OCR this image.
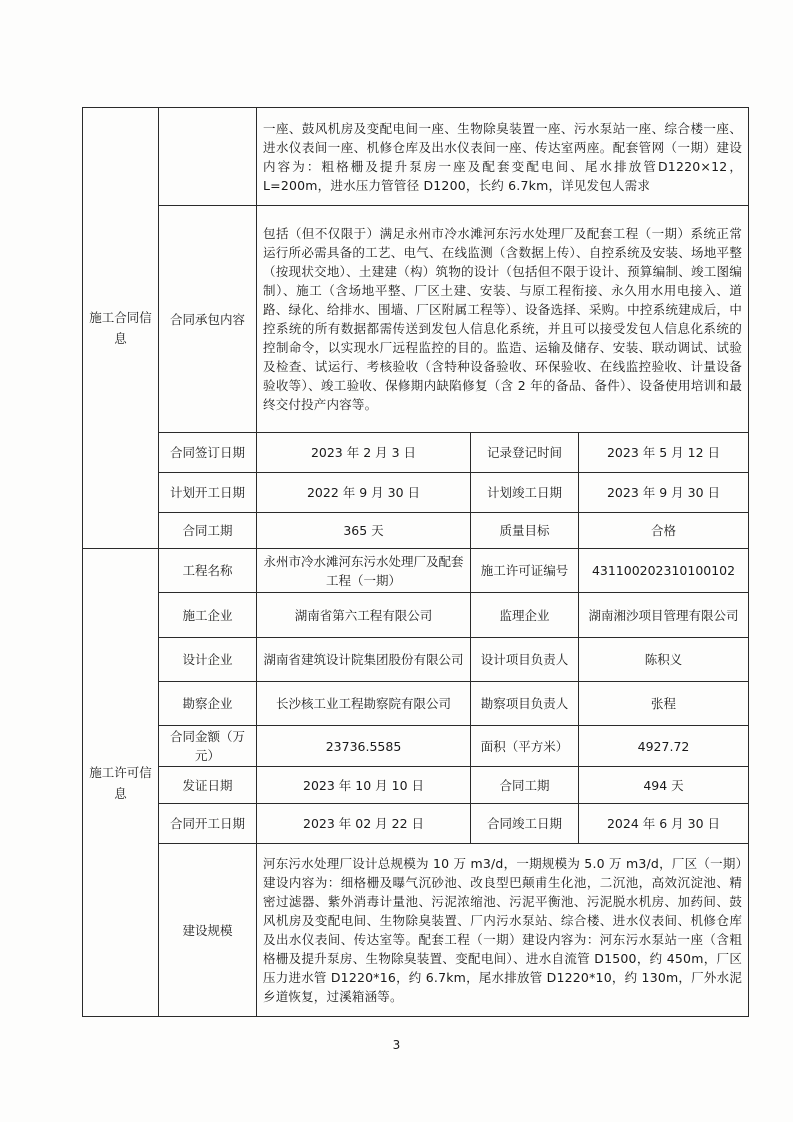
施工合同信息		一座、鼓风机房及变配电间一座、生物除臭装置一座、污水泵站一座、综合楼一座、进水仪表间一座、机修仓库及出水仪表间一座、传达室两座。配套管网（一期）建设内容为：粗格栅及提升泵房一座及配套变配电间、尾水排放管D1220×12，L=200m，进水压力管管径 D1200，长约 6.7km，详见发包人需求		
	合同承包内容	包括（但不仅限于）满足永州市冷水滩河东污水处理厂及配套工程（一期）系统正常运行所必需具备的工艺、电气、在线监测（含数据上传）、自控系统及安装、场地平整（按现状交地）、土建建（构）筑物的设计（包括但不限于设计、预算编制、竣工图编制）、施工（含场地平整、厂区土建、安装、与原工程衔接、永久用水用电接入、道路、绿化、给排水、围墙、厂区附属工程等）、设备选择、采购。中控系统建成后，中控系统的所有数据都需传送到发包人信息化系统，并且可以接受发包人信息化系统的控制命令，以实现水厂远程监控的目的。监造、运输及储存、安装、联动调试、试验及检查、试运行、考核验收（含特种设备验收、环保验收、在线监控验收、计量设备验收等）、竣工验收、保修期内缺陷修复（含 2 年的备品、备件）、设备使用培训和最终交付投产内容等。		
	合同签订日期	2023 年 2 月 3 日	记录登记时间	2023 年 5 月 12 日
	计划开工日期	2022 年 9 月 30 日	计划竣工日期	2023 年 9 月 30 日
	合同工期	365 天	质量目标	合格
施工许可信息	工程名称	永州市冷水滩河东污水处理厂及配套工程（一期）	施工许可证编号	431100202310100102
	施工企业	湖南省第六工程有限公司	监理企业	湖南湘沙项目管理有限公司
	设计企业	湖南省建筑设计院集团股份有限公司	设计项目负责人	陈积义
	勘察企业	长沙核工业工程勘察院有限公司	勘察项目负责人	张程
	合同金额（万元）	23736.5585	面积（平方米）	4927.72
	发证日期	2023 年 10 月 10 日	合同工期	494 天
	合同开工日期	2023 年 02 月 22 日	合同竣工日期	2024 年 6 月 30 日
	建设规模	河东污水处理厂设计总规模为 10 万 m3/d，一期规模为 5.0 万 m3/d，厂区（一期）建设内容为：细格栅及曝气沉砂池、改良型巴颠甫生化池，二沉池，高效沉淀池、精密过滤器、紫外消毒计量池、污泥浓缩池、污泥平衡池、污泥脱水机房、加药间、鼓风机房及变配电间、生物除臭装置、厂内污水泵站、综合楼、进水仪表间、机修仓库及出水仪表间、传达室等。配套工程（一期）建设内容为：河东污水泵站一座（含粗格栅及提升泵房、生物除臭装置、变配电间）、进水自流管 D1500，约 450m，厂区压力进水管 D1220*16，约 6.7km，尾水排放管 D1220*10，约 130m，厂外水泥乡道恢复，过溪箱涵等。		
3
